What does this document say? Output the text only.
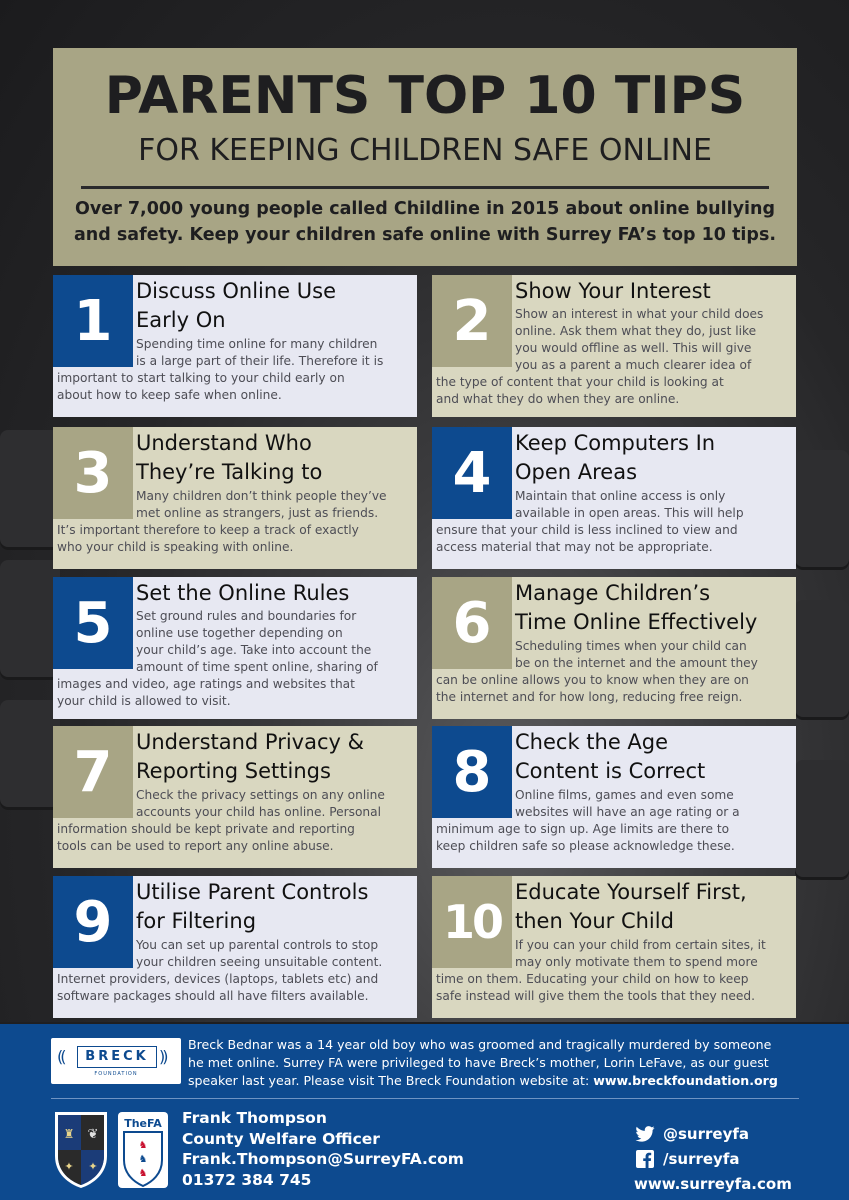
PARENTS TOP 10 TIPS
FOR KEEPING CHILDREN SAFE ONLINE
Over 7,000 young people called Childline in 2015 about online bullying
and safety. Keep your children safe online with Surrey FA’s top 10 tips.
1	Discuss Online Use
Early On
Spending time online for many children
is a large part of their life. Therefore it is
important to start talking to your child early on
about how to keep safe when online.
2	Show Your Interest
Show an interest in what your child does
online. Ask them what they do, just like
you would offline as well. This will give
you as a parent a much clearer idea of
the type of content that your child is looking at
and what they do when they are online.
3	Understand Who
They’re Talking to
Many children don’t think people they’ve
met online as strangers, just as friends.
It’s important therefore to keep a track of exactly
who your child is speaking with online.
4	Keep Computers In
Open Areas
Maintain that online access is only
available in open areas. This will help
ensure that your child is less inclined to view and
access material that may not be appropriate.
5	Set the Online Rules
Set ground rules and boundaries for
online use together depending on
your child’s age. Take into account the
amount of time spent online, sharing of
images and video, age ratings and websites that
your child is allowed to visit.
6	Manage Children’s
Time Online Effectively
Scheduling times when your child can
be on the internet and the amount they
can be online allows you to know when they are on
the internet and for how long, reducing free reign.
7	Understand Privacy &
Reporting Settings
Check the privacy settings on any online
accounts your child has online. Personal
information should be kept private and reporting
tools can be used to report any online abuse.
8	Check the Age
Content is Correct
Online films, games and even some
websites will have an age rating or a
minimum age to sign up. Age limits are there to
keep children safe so please acknowledge these.
9	Utilise Parent Controls
for Filtering
You can set up parental controls to stop
your children seeing unsuitable content.
Internet providers, devices (laptops, tablets etc) and
software packages should all have filters available.
10
Educate Yourself First,
then Your Child
If you can your child from certain sites, it
may only motivate them to spend more
time on them. Educating your child on how to keep
safe instead will give them the tools that they need.
((	BRECK ))
FOUNDATION
Breck Bednar was a 14 year old boy who was groomed and tragically murdered by someone
he met online. Surrey FA were privileged to have Breck’s mother, Lorin LeFave, as our guest
speaker last year. Please visit The Breck Foundation website at: www.breckfoundation.org
♜ ❦
✦ ✦
TheFA
♞
♞
♞
Frank Thompson
County Welfare Officer
Frank.Thompson@SurreyFA.com
01372 384 745
@surreyfa
/surreyfa
www.surreyfa.com
